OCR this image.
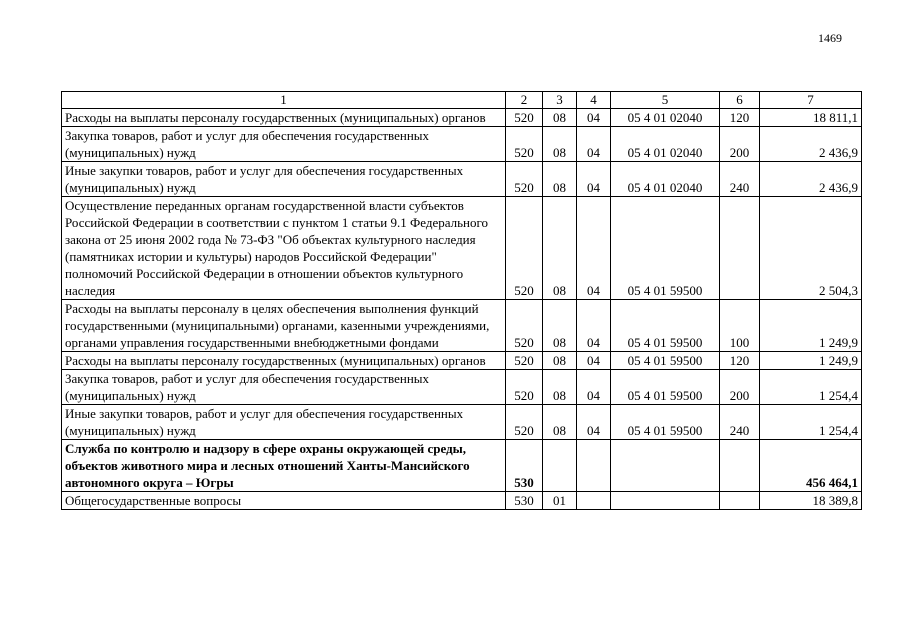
1469
1	2	3	4	5	6	7
Расходы на выплаты персоналу государственных (муниципальных) органов	520	08	04	05 4 01 02040	120	18 811,1
Закупка товаров, работ и услуг для обеспечения государственных (муниципальных) нужд	520	08	04	05 4 01 02040	200	2 436,9
Иные закупки товаров, работ и услуг для обеспечения государственных (муниципальных) нужд	520	08	04	05 4 01 02040	240	2 436,9
Осуществление переданных органам государственной власти субъектов Российской Федерации в соответствии с пунктом 1 статьи 9.1 Федерального закона от 25 июня 2002 года № 73-ФЗ "Об объектах культурного наследия (памятниках истории и культуры) народов Российской Федерации" полномочий Российской Федерации в отношении объектов культурного наследия	520	08	04	05 4 01 59500		2 504,3
Расходы на выплаты персоналу в целях обеспечения выполнения функций государственными (муниципальными) органами, казенными учреждениями, органами управления государственными внебюджетными фондами	520	08	04	05 4 01 59500	100	1 249,9
Расходы на выплаты персоналу государственных (муниципальных) органов	520	08	04	05 4 01 59500	120	1 249,9
Закупка товаров, работ и услуг для обеспечения государственных (муниципальных) нужд	520	08	04	05 4 01 59500	200	1 254,4
Иные закупки товаров, работ и услуг для обеспечения государственных (муниципальных) нужд	520	08	04	05 4 01 59500	240	1 254,4
Служба по контролю и надзору в сфере охраны окружающей среды, объектов животного мира и лесных отношений Ханты-Мансийского автономного округа – Югры	530					456 464,1
Общегосударственные вопросы	530	01				18 389,8
